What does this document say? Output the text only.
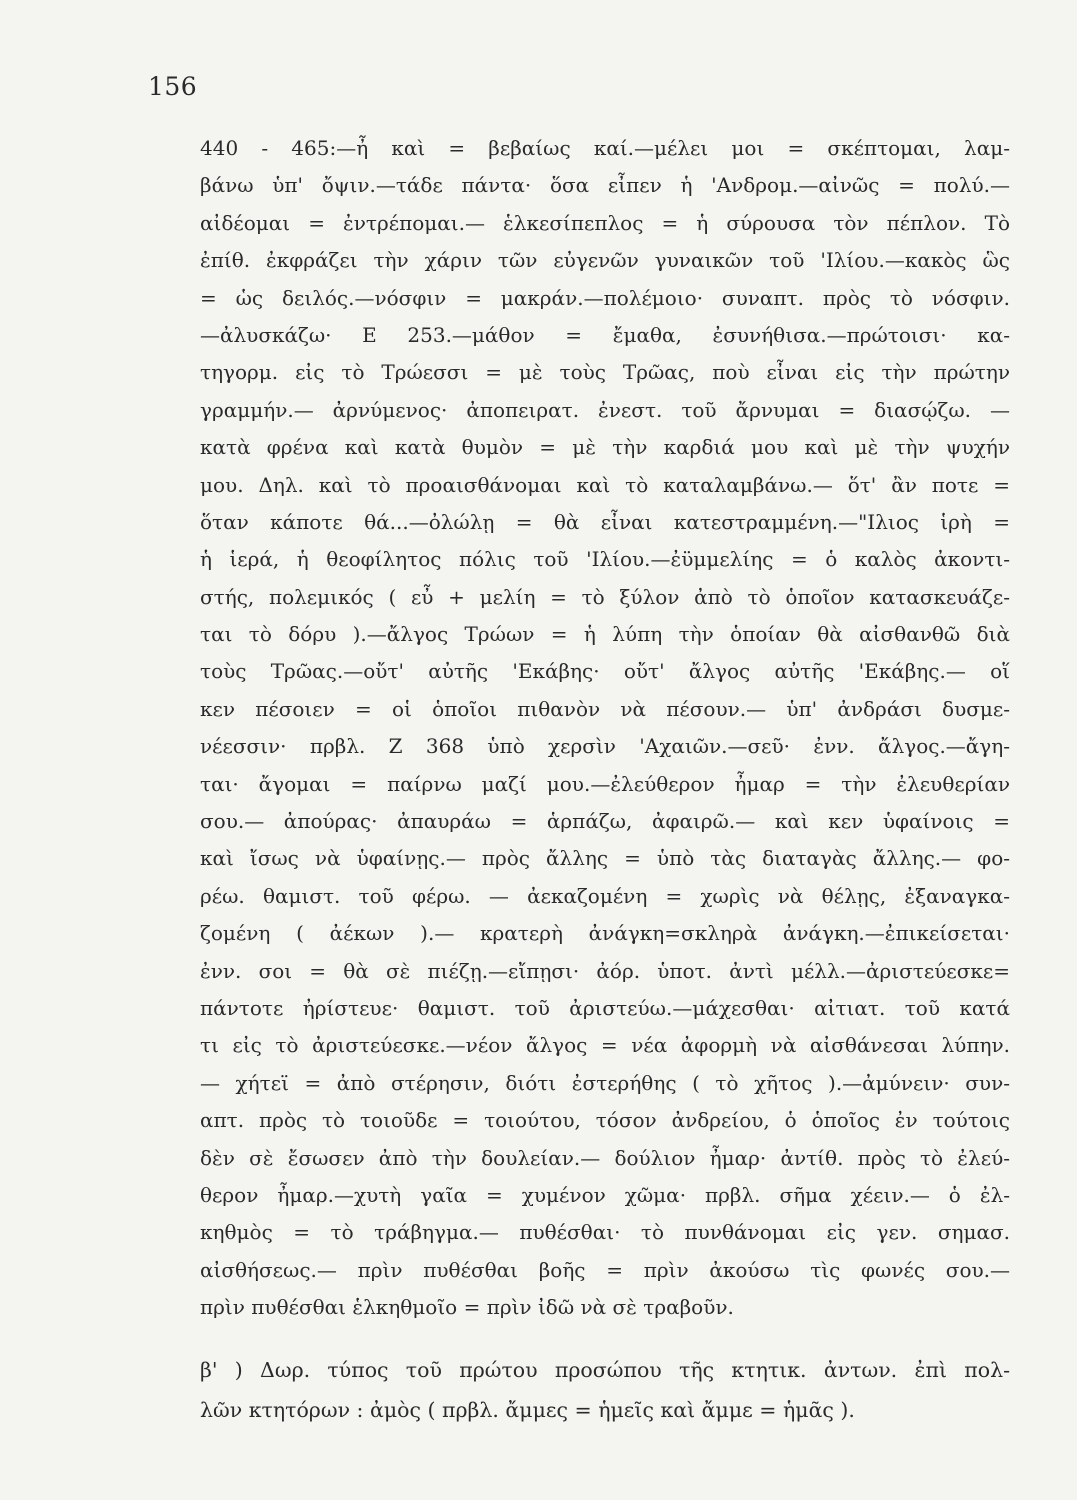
156
440 - 465:—ἦ καὶ = βεβαίως καί.—μέλει μοι = σκέπτομαι, λαμ-
βάνω ὑπ' ὄψιν.—τάδε πάντα· ὅσα εἶπεν ἡ 'Ανδρομ.—αἰνῶς = πολύ.—
αἰδέομαι = ἐντρέπομαι.— ἑλκεσίπεπλος = ἡ σύρουσα τὸν πέπλον. Τὸ
ἐπίθ. ἐκφράζει τὴν χάριν τῶν εὐγενῶν γυναικῶν τοῦ 'Ιλίου.—κακὸς ὣς
= ὡς δειλός.—νόσφιν = μακράν.—πολέμοιο· συναπτ. πρὸς τὸ νόσφιν.
—ἀλυσκάζω· Ε 253.—μάθον = ἔμαθα, ἐσυνήθισα.—πρώτοισι· κα-
τηγορμ. εἰς τὸ Τρώεσσι = μὲ τοὺς Τρῶας, ποὺ εἶναι εἰς τὴν πρώτην
γραμμήν.— ἀρνύμενος· ἀποπειρατ. ἐνεστ. τοῦ ἄρνυμαι = διασῴζω. —
κατὰ φρένα καὶ κατὰ θυμὸν = μὲ τὴν καρδιά μου καὶ μὲ τὴν ψυχήν
μου. Δηλ. καὶ τὸ προαισθάνομαι καὶ τὸ καταλαμβάνω.— ὅτ' ἂν ποτε =
ὅταν κάποτε θά...—ὀλώλῃ = θὰ εἶναι κατεστραμμένη.—"Ιλιος ἱρὴ =
ἡ ἱερά, ἡ θεοφίλητος πόλις τοῦ 'Ιλίου.—ἐϋμμελίης = ὁ καλὸς ἀκοντι-
στής, πολεμικός ( εὖ + μελίη = τὸ ξύλον ἀπὸ τὸ ὁποῖον κατασκευάζε-
ται τὸ δόρυ ).—ἄλγος Τρώων = ἡ λύπη τὴν ὁποίαν θὰ αἰσθανθῶ διὰ
τοὺς Τρῶας.—οὔτ' αὐτῆς 'Εκάβης· οὔτ' ἄλγος αὐτῆς 'Εκάβης.— οἵ
κεν πέσοιεν = οἱ ὁποῖοι πιθανὸν νὰ πέσουν.— ὑπ' ἀνδράσι δυσμε-
νέεσσιν· πρβλ. Ζ 368 ὑπὸ χερσὶν 'Αχαιῶν.—σεῦ· ἐνν. ἄλγος.—ἄγη-
ται· ἄγομαι = παίρνω μαζί μου.—ἐλεύθερον ἦμαρ = τὴν ἐλευθερίαν
σου.— ἀπούρας· ἀπαυράω = ἁρπάζω, ἀφαιρῶ.— καὶ κεν ὑφαίνοις =
καὶ ἴσως νὰ ὑφαίνῃς.— πρὸς ἄλλης = ὑπὸ τὰς διαταγὰς ἄλλης.— φο-
ρέω. θαμιστ. τοῦ φέρω. — ἀεκαζομένη = χωρὶς νὰ θέλῃς, ἐξαναγκα-
ζομένη ( ἀέκων ).— κρατερὴ ἀνάγκη=σκληρὰ ἀνάγκη.—ἐπικείσεται·
ἐνν. σοι = θὰ σὲ πιέζῃ.—εἴπῃσι· ἀόρ. ὑποτ. ἀντὶ μέλλ.—ἀριστεύεσκε=
πάντοτε ἠρίστευε· θαμιστ. τοῦ ἀριστεύω.—μάχεσθαι· αἰτιατ. τοῦ κατά
τι εἰς τὸ ἀριστεύεσκε.—νέον ἄλγος = νέα ἀφορμὴ νὰ αἰσθάνεσαι λύπην.
— χήτεϊ = ἀπὸ στέρησιν, διότι ἐστερήθης ( τὸ χῆτος ).—ἀμύνειν· συν-
απτ. πρὸς τὸ τοιοῦδε = τοιούτου, τόσον ἀνδρείου, ὁ ὁποῖος ἐν τούτοις
δὲν σὲ ἔσωσεν ἀπὸ τὴν δουλείαν.— δούλιον ἦμαρ· ἀντίθ. πρὸς τὸ ἐλεύ-
θερον ἦμαρ.—χυτὴ γαῖα = χυμένον χῶμα· πρβλ. σῆμα χέειν.— ὁ ἐλ-
κηθμὸς = τὸ τράβηγμα.— πυθέσθαι· τὸ πυνθάνομαι εἰς γεν. σημασ.
αἰσθήσεως.— πρὶν πυθέσθαι βοῆς = πρὶν ἀκούσω τὶς φωνές σου.—
πρὶν πυθέσθαι ἑλκηθμοῖο = πρὶν ἰδῶ νὰ σὲ τραβοῦν.
β' ) Δωρ. τύπος τοῦ πρώτου προσώπου τῆς κτητικ. ἀντων. ἐπὶ πολ-
λῶν κτητόρων : ἀμὸς ( πρβλ. ἄμμες = ἡμεῖς καὶ ἄμμε = ἡμᾶς ).
